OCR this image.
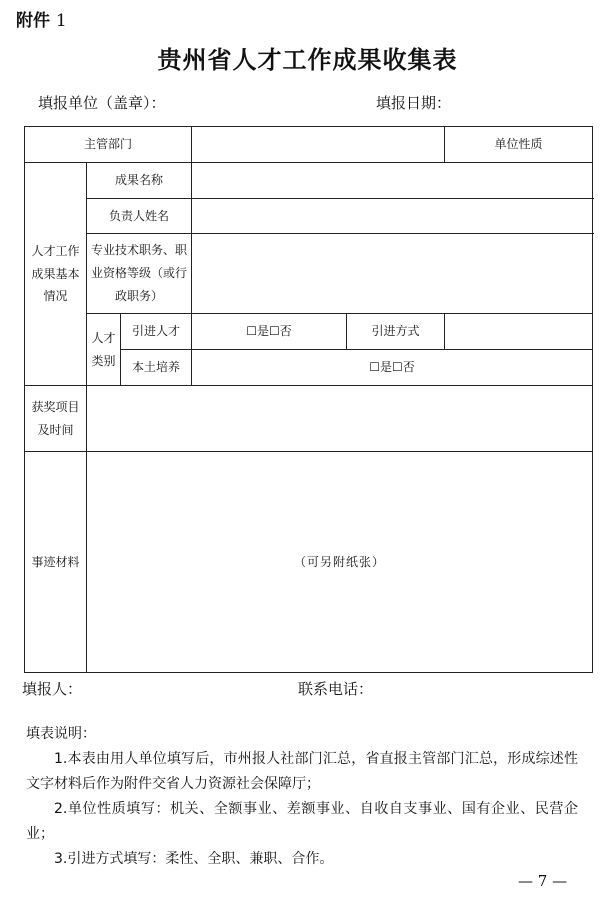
附件 1
贵州省人才工作成果收集表
填报单位（盖章）：	填报日期：
主管部门					单位性质	
人才工作成果基本情况	成果名称					
	负责人姓名					
	专业技术职务、职业资格等级（或行政职务）					
	人才类别	引进人才	☐是☐否	引进方式		
		本土培养	☐是☐否			
获奖项目及时间						
事迹材料	（可另附纸张）					
填报人：	联系电话：
填表说明：
1.本表由用人单位填写后，市州报人社部门汇总，省直报主管部门汇总，形成综述性文字材料后作为附件交省人力资源社会保障厅；
2.单位性质填写：机关、全额事业、差额事业、自收自支事业、国有企业、民营企业；
3.引进方式填写：柔性、全职、兼职、合作。
— 7 —
